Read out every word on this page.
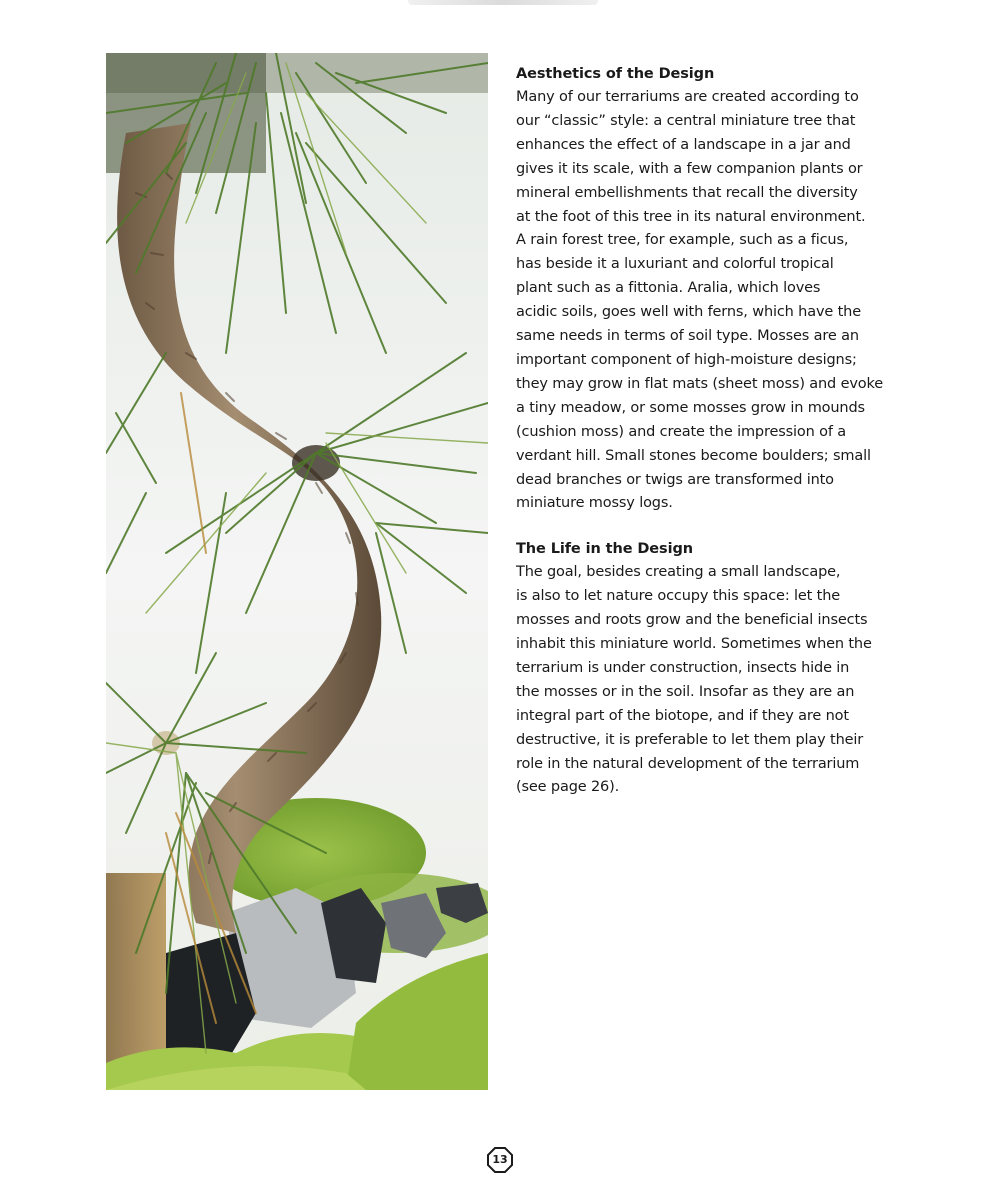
Aesthetics of the Design
Many of our terrariums are created according to
our “classic” style: a central miniature tree that
enhances the effect of a landscape in a jar and
gives it its scale, with a few companion plants or
mineral embellishments that recall the diversity
at the foot of this tree in its natural environment.
A rain forest tree, for example, such as a ficus,
has beside it a luxuriant and colorful tropical
plant such as a fittonia. Aralia, which loves
acidic soils, goes well with ferns, which have the
same needs in terms of soil type. Mosses are an
important component of high-moisture designs;
they may grow in flat mats (sheet moss) and evoke
a tiny meadow, or some mosses grow in mounds
(cushion moss) and create the impression of a
verdant hill. Small stones become boulders; small
dead branches or twigs are transformed into
miniature mossy logs.
The Life in the Design
The goal, besides creating a small landscape,
is also to let nature occupy this space: let the
mosses and roots grow and the beneficial insects
inhabit this miniature world. Sometimes when the
terrarium is under construction, insects hide in
the mosses or in the soil. Insofar as they are an
integral part of the biotope, and if they are not
destructive, it is preferable to let them play their
role in the natural development of the terrarium
(see page 26).
13
